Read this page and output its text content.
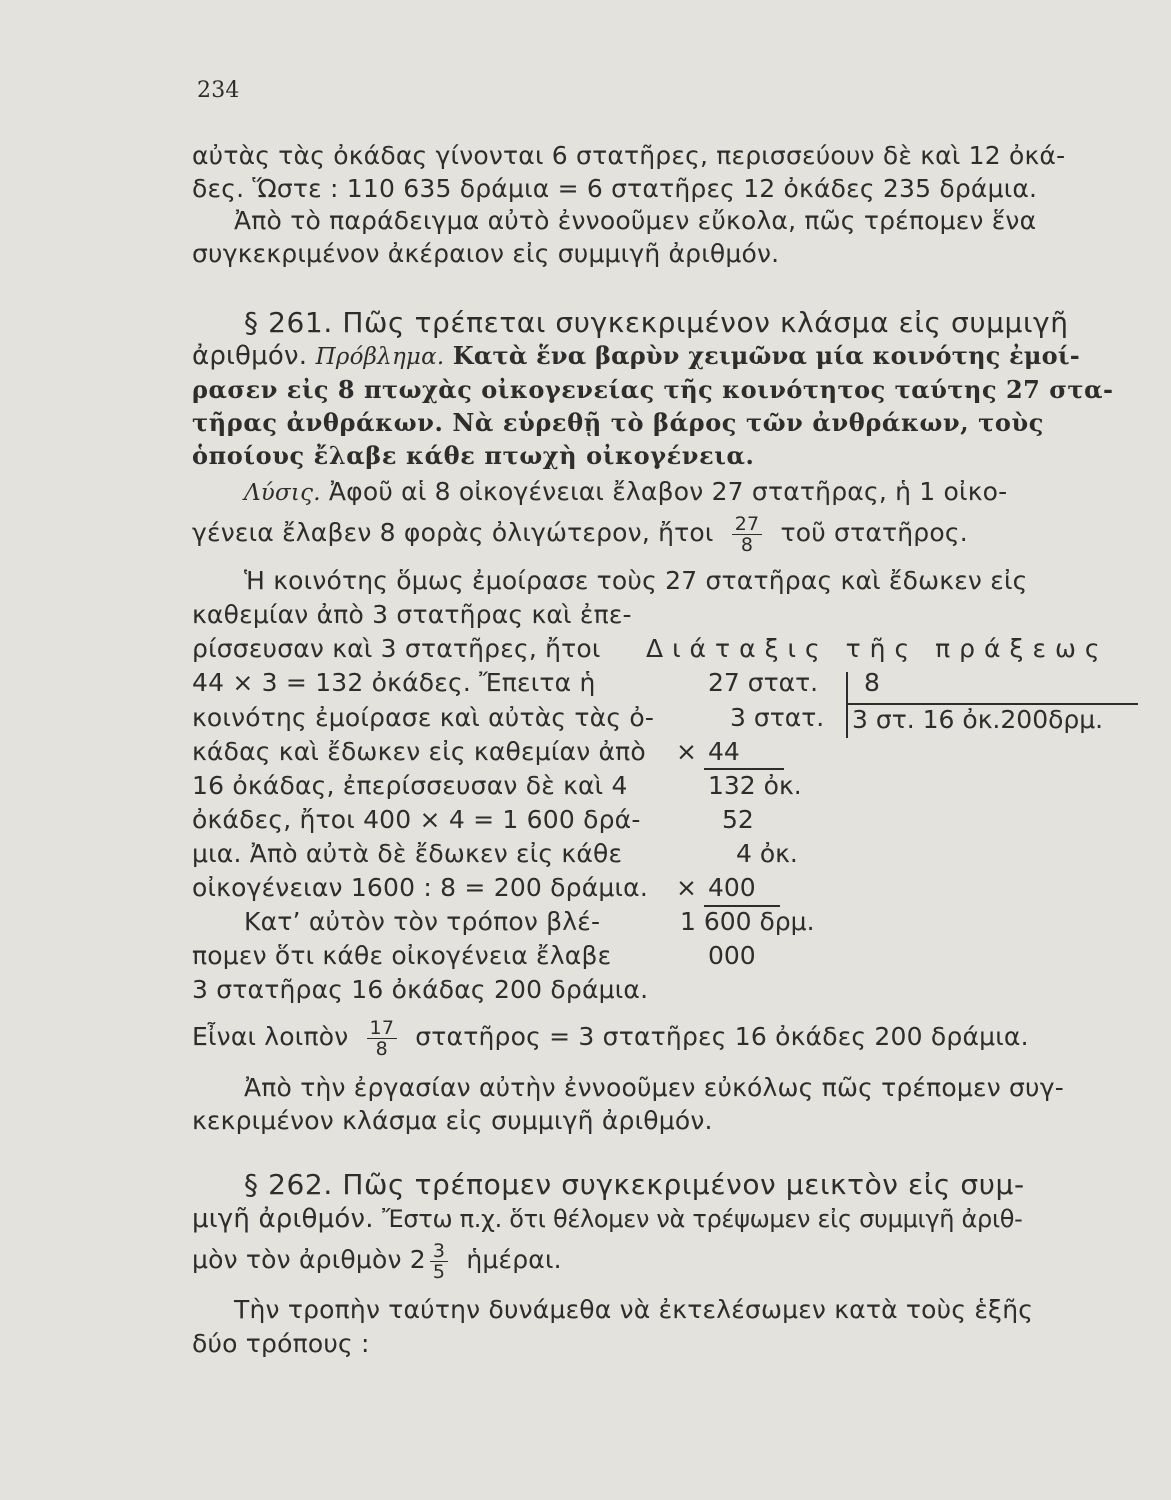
234
αὐτὰς τὰς ὀκάδας γίνονται 6 στατῆρες, περισσεύουν δὲ καὶ 12 ὀκά-
δες. Ὥστε : 110 635 δράμια = 6 στατῆρες 12 ὀκάδες 235 δράμια.
Ἀπὸ τὸ παράδειγμα αὐτὸ ἐννοοῦμεν εὔκολα, πῶς τρέπομεν ἕνα
συγκεκριμένον ἀκέραιον εἰς συμμιγῆ ἀριθμόν.
§ 261. Πῶς τρέπεται συγκεκριμένον κλάσμα εἰς συμμιγῆ
ἀριθμόν. Πρόβλημα. Κατὰ ἕνα βαρὺν χειμῶνα μία κοινότης ἐμοί-
ρασεν εἰς 8 πτωχὰς οἰκογενείας τῆς κοινότητος ταύτης 27 στα-
τῆρας ἀνθράκων. Νὰ εὑρεθῇ τὸ βάρος τῶν ἀνθράκων, τοὺς
ὁποίους ἔλαβε κάθε πτωχὴ οἰκογένεια.
Λύσις. Ἀφοῦ αἱ 8 οἰκογένειαι ἔλαβον 27 στατῆρας, ἡ 1 οἰκο-
γένεια ἔλαβεν 8 φορὰς ὀλιγώτερον, ἤτοι $\frac{27}{8}$ τοῦ στατῆρος.
Ἡ κοινότης ὅμως ἐμοίρασε τοὺς 27 στατῆρας καὶ ἔδωκεν εἰς
καθεμίαν ἀπὸ 3 στατῆρας καὶ ἐπε-
ρίσσευσαν καὶ 3 στατῆρες, ἤτοι
44 × 3 = 132 ὀκάδες. Ἔπειτα ἡ
κοινότης ἐμοίρασε καὶ αὐτὰς τὰς ὀ-
κάδας καὶ ἔδωκεν εἰς καθεμίαν ἀπὸ
16 ὀκάδας, ἐπερίσσευσαν δὲ καὶ 4
ὀκάδες, ἤτοι 400 × 4 = 1 600 δρά-
μια. Ἀπὸ αὐτὰ δὲ ἔδωκεν εἰς κάθε
οἰκογένειαν 1600 : 8 = 200 δράμια.
Κατ’ αὐτὸν τὸν τρόπον βλέ-
πομεν ὅτι κάθε οἰκογένεια ἔλαβε
3 στατῆρας 16 ὀκάδας 200 δράμια.
Διάταξις τῆς πράξεως
27 στατ. 8
3 στατ. 3 στ. 16 ὀκ.200δρμ.
× 44
132 ὀκ.
52
4 ὀκ.
× 400
1 600 δρμ.
000
Εἶναι λοιπὸν $\frac{17}{8}$ στατῆρος = 3 στατῆρες 16 ὀκάδες 200 δράμια.
Ἀπὸ τὴν ἐργασίαν αὐτὴν ἐννοοῦμεν εὐκόλως πῶς τρέπομεν συγ-
κεκριμένον κλάσμα εἰς συμμιγῆ ἀριθμόν.
§ 262. Πῶς τρέπομεν συγκεκριμένον μεικτὸν εἰς συμ-
μιγῆ ἀριθμόν. Ἔστω π.χ. ὅτι θέλομεν νὰ τρέψωμεν εἰς συμμιγῆ ἀριθ-
μὸν τὸν ἀριθμὸν $2 \frac{3}{5}$ ἡμέραι.
Τὴν τροπὴν ταύτην δυνάμεθα νὰ ἐκτελέσωμεν κατὰ τοὺς ἑξῆς
δύο τρόπους :
